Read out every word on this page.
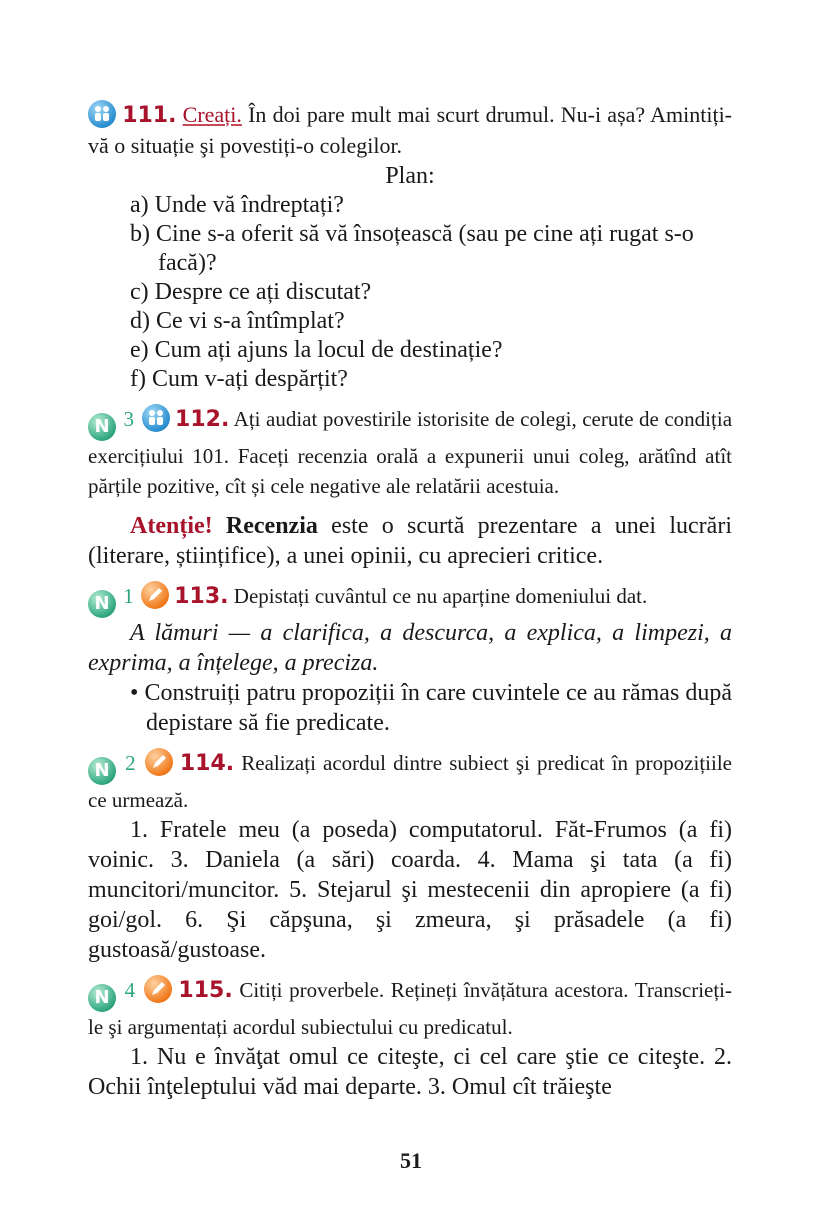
111. Creați. În doi pare mult mai scurt drumul. Nu-i așa? Amintiți-vă o situație şi povestiți-o colegilor.

Plan:

a) Unde vă îndreptați?
b) Cine s-a oferit să vă însoțească (sau pe cine ați rugat s-o facă)?
c) Despre ce ați discutat?
d) Ce vi s-a întîmplat?
e) Cum ați ajuns la locul de destinație?
f) Cum v-ați despărțit?

N 3 112. Ați audiat povestirile istorisite de colegi, cerute de condiția exercițiului 101. Faceți recenzia orală a expunerii unui coleg, arătînd atît părțile pozitive, cît și cele negative ale relatării acestuia.

Atenție! Recenzia este o scurtă prezentare a unei lucrări (literare, științifice), a unei opinii, cu aprecieri critice.

N 1 113. Depistați cuvântul ce nu aparține domeniului dat.

A lămuri — a clarifica, a descurca, a explica, a limpezi, a exprima, a înțelege, a preciza.

• Construiți patru propoziții în care cuvintele ce au rămas după depistare să fie predicate.

N 2 114. Realizați acordul dintre subiect şi predicat în propozițiile ce urmează.

1. Fratele meu (a poseda) computatorul. Făt-Frumos (a fi) voinic. 3. Daniela (a sări) coarda. 4. Mama şi tata (a fi) muncitori/muncitor. 5. Stejarul şi mestecenii din apropiere (a fi) goi/gol. 6. Şi căpşuna, şi zmeura, şi prăsadele (a fi) gustoasă/gustoase.

N 4 115. Citiți proverbele. Rețineți învățătura acestora. Transcrieți-le şi argumentați acordul subiectului cu predicatul.

1. Nu e învăţat omul ce citeşte, ci cel care ştie ce citeşte. 2. Ochii înţeleptului văd mai departe. 3. Omul cît trăieşte

51
